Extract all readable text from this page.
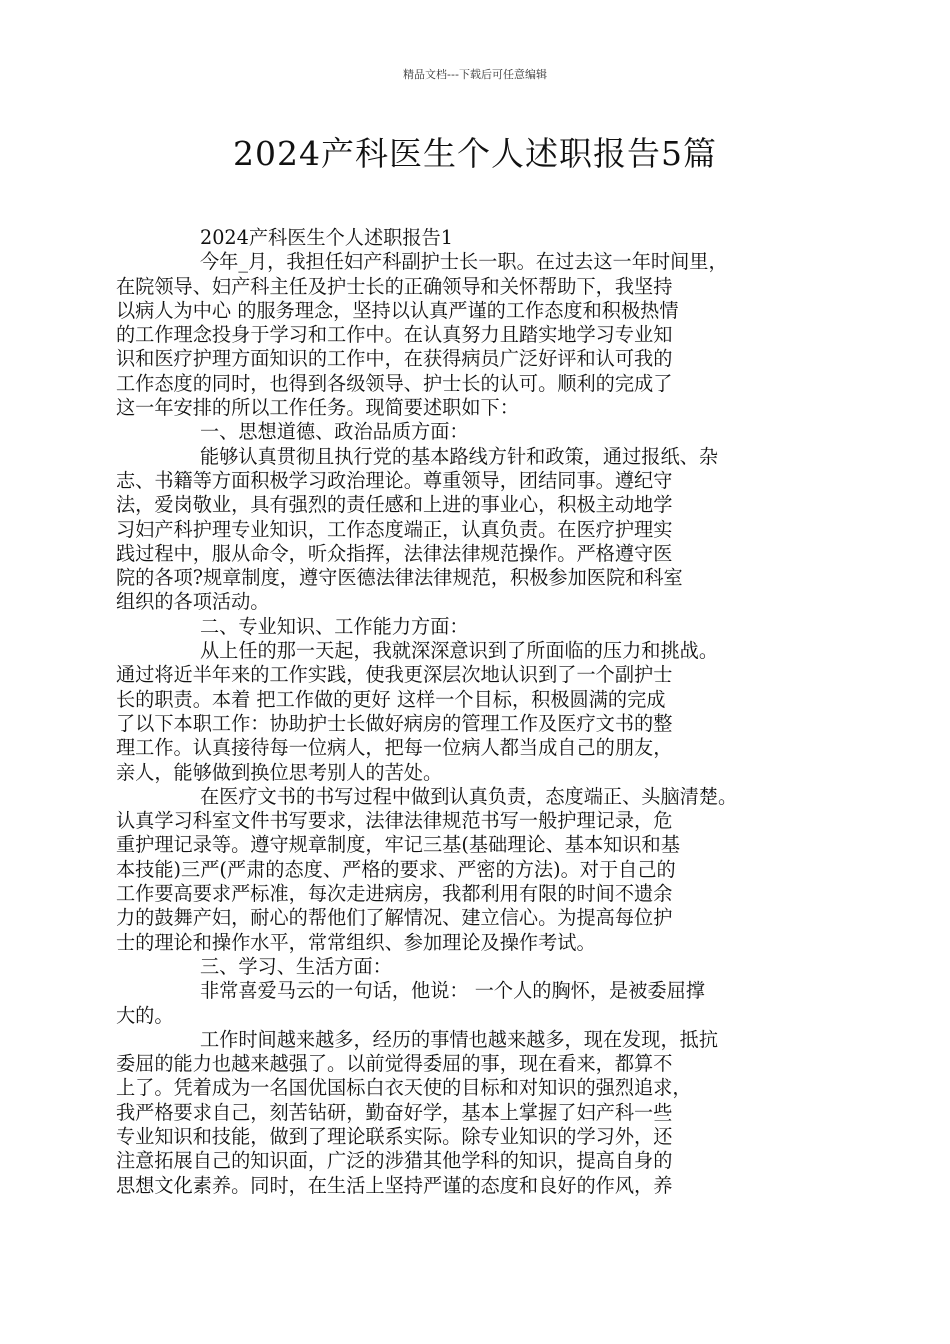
精品文档---下载后可任意编辑
2024产科医生个人述职报告5篇
2024产科医生个人述职报告1
今年_月，我担任妇产科副护士长一职。在过去这一年时间里，
在院领导、妇产科主任及护士长的正确领导和关怀帮助下，我坚持
以病人为中心 的服务理念，坚持以认真严谨的工作态度和积极热情
的工作理念投身于学习和工作中。在认真努力且踏实地学习专业知
识和医疗护理方面知识的工作中，在获得病员广泛好评和认可我的
工作态度的同时，也得到各级领导、护士长的认可。顺利的完成了
这一年安排的所以工作任务。现简要述职如下：
一、思想道德、政治品质方面：
能够认真贯彻且执行党的基本路线方针和政策，通过报纸、杂
志、书籍等方面积极学习政治理论。尊重领导，团结同事。遵纪守
法，爱岗敬业，具有强烈的责任感和上进的事业心，积极主动地学
习妇产科护理专业知识，工作态度端正，认真负责。在医疗护理实
践过程中，服从命令，听众指挥，法律法律规范操作。严格遵守医
院的各项?规章制度，遵守医德法律法律规范，积极参加医院和科室
组织的各项活动。
二、专业知识、工作能力方面：
从上任的那一天起，我就深深意识到了所面临的压力和挑战。
通过将近半年来的工作实践，使我更深层次地认识到了一个副护士
长的职责。本着 把工作做的更好 这样一个目标，积极圆满的完成
了以下本职工作：协助护士长做好病房的管理工作及医疗文书的整
理工作。认真接待每一位病人，把每一位病人都当成自己的朋友，
亲人，能够做到换位思考别人的苦处。
在医疗文书的书写过程中做到认真负责，态度端正、头脑清楚。
认真学习科室文件书写要求，法律法律规范书写一般护理记录，危
重护理记录等。遵守规章制度，牢记三基(基础理论、基本知识和基
本技能)三严(严肃的态度、严格的要求、严密的方法)。对于自己的
工作要高要求严标准，每次走进病房，我都利用有限的时间不遗余
力的鼓舞产妇，耐心的帮他们了解情况、建立信心。为提高每位护
士的理论和操作水平，常常组织、参加理论及操作考试。
三、学习、生活方面：
非常喜爱马云的一句话，他说： 一个人的胸怀，是被委屈撑
大的。
工作时间越来越多，经历的事情也越来越多，现在发现，抵抗
委屈的能力也越来越强了。以前觉得委屈的事，现在看来，都算不
上了。凭着成为一名国优国标白衣天使的目标和对知识的强烈追求，
我严格要求自己，刻苦钻研，勤奋好学，基本上掌握了妇产科一些
专业知识和技能，做到了理论联系实际。除专业知识的学习外，还
注意拓展自己的知识面，广泛的涉猎其他学科的知识，提高自身的
思想文化素养。同时，在生活上坚持严谨的态度和良好的作风，养
